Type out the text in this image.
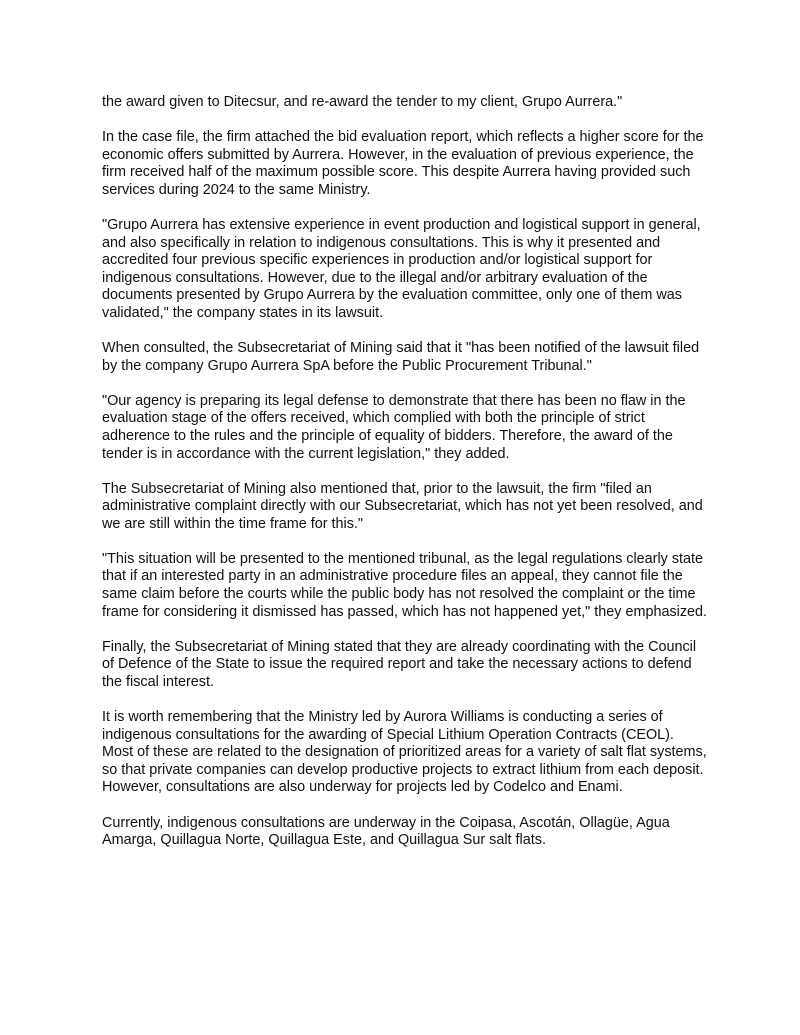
the award given to Ditecsur, and re-award the tender to my client, Grupo Aurrera."

In the case file, the firm attached the bid evaluation report, which reflects a higher score for the economic offers submitted by Aurrera. However, in the evaluation of previous experience, the firm received half of the maximum possible score. This despite Aurrera having provided such services during 2024 to the same Ministry.

"Grupo Aurrera has extensive experience in event production and logistical support in general, and also specifically in relation to indigenous consultations. This is why it presented and accredited four previous specific experiences in production and/or logistical support for indigenous consultations. However, due to the illegal and/or arbitrary evaluation of the documents presented by Grupo Aurrera by the evaluation committee, only one of them was validated," the company states in its lawsuit.

When consulted, the Subsecretariat of Mining said that it "has been notified of the lawsuit filed by the company Grupo Aurrera SpA before the Public Procurement Tribunal."

"Our agency is preparing its legal defense to demonstrate that there has been no flaw in the evaluation stage of the offers received, which complied with both the principle of strict adherence to the rules and the principle of equality of bidders. Therefore, the award of the tender is in accordance with the current legislation," they added.

The Subsecretariat of Mining also mentioned that, prior to the lawsuit, the firm "filed an administrative complaint directly with our Subsecretariat, which has not yet been resolved, and we are still within the time frame for this."

"This situation will be presented to the mentioned tribunal, as the legal regulations clearly state that if an interested party in an administrative procedure files an appeal, they cannot file the same claim before the courts while the public body has not resolved the complaint or the time frame for considering it dismissed has passed, which has not happened yet," they emphasized.

Finally, the Subsecretariat of Mining stated that they are already coordinating with the Council of Defence of the State to issue the required report and take the necessary actions to defend the fiscal interest.

It is worth remembering that the Ministry led by Aurora Williams is conducting a series of indigenous consultations for the awarding of Special Lithium Operation Contracts (CEOL). Most of these are related to the designation of prioritized areas for a variety of salt flat systems, so that private companies can develop productive projects to extract lithium from each deposit. However, consultations are also underway for projects led by Codelco and Enami.

Currently, indigenous consultations are underway in the Coipasa, Ascotán, Ollagüe, Agua Amarga, Quillagua Norte, Quillagua Este, and Quillagua Sur salt flats.
